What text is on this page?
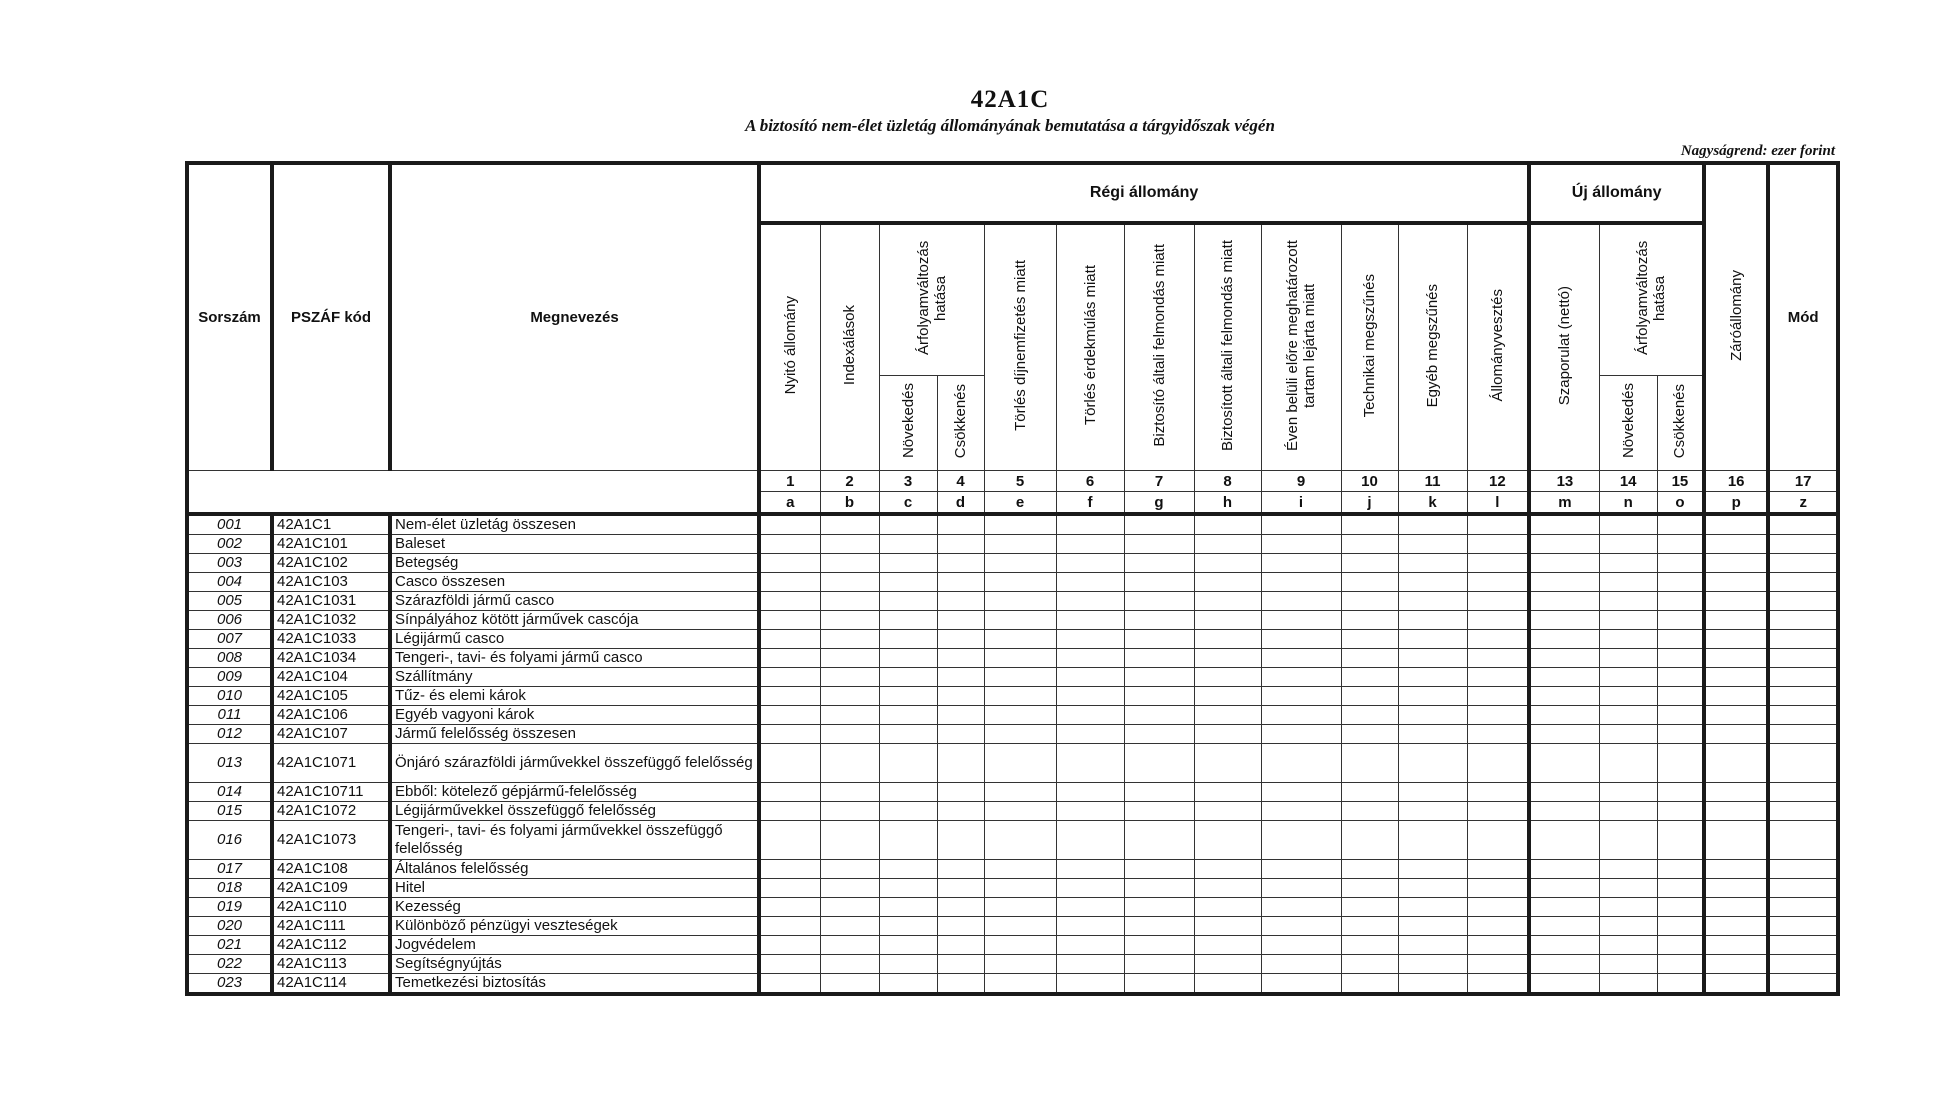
42A1C
A biztosító nem-élet üzletág állományának bemutatása a tárgyidőszak végén
Nagyságrend: ezer forint
Sorszám	PSZÁF kód	Megnevezés	Régi állomány												Új állomány			Záróállomány	Mód
			Nyitó állomány	Indexálások	Árfolyamváltozás hatása		Törlés díjnemfizetés miatt	Törlés érdekmúlás miatt	Biztosító általi felmondás miatt	Biztosított általi felmondás miatt	Éven belüli előre meghatározott tartam lejárta miatt	Technikai megszűnés	Egyéb megszűnés	Állományvesztés	Szaporulat (nettó)	Árfolyamváltozás hatása			
					Növekedés	Csökkenés										Növekedés	Csökkenés		
			1	2	3	4	5	6	7	8	9	10	11	12	13	14	15	16	17
			a	b	c	d	e	f	g	h	i	j	k	l	m	n	o	p	z
001	42A1C1	Nem-élet üzletág összesen																	
002	42A1C101	Baleset																	
003	42A1C102	Betegség																	
004	42A1C103	Casco összesen																	
005	42A1C1031	Szárazföldi jármű casco																	
006	42A1C1032	Sínpályához kötött járművek cascója																	
007	42A1C1033	Légijármű casco																	
008	42A1C1034	Tengeri-, tavi- és folyami jármű casco																	
009	42A1C104	Szállítmány																	
010	42A1C105	Tűz- és elemi károk																	
011	42A1C106	Egyéb vagyoni károk																	
012	42A1C107	Jármű felelősség összesen																	
013	42A1C1071	Önjáró szárazföldi járművekkel összefüggő felelősség																	
014	42A1C10711	Ebből: kötelező gépjármű-felelősség																	
015	42A1C1072	Légijárművekkel összefüggő felelősség																	
016	42A1C1073	Tengeri-, tavi- és folyami járművekkel összefüggő felelősség																	
017	42A1C108	Általános felelősség																	
018	42A1C109	Hitel																	
019	42A1C110	Kezesség																	
020	42A1C111	Különböző pénzügyi veszteségek																	
021	42A1C112	Jogvédelem																	
022	42A1C113	Segítségnyújtás																	
023	42A1C114	Temetkezési biztosítás																	
